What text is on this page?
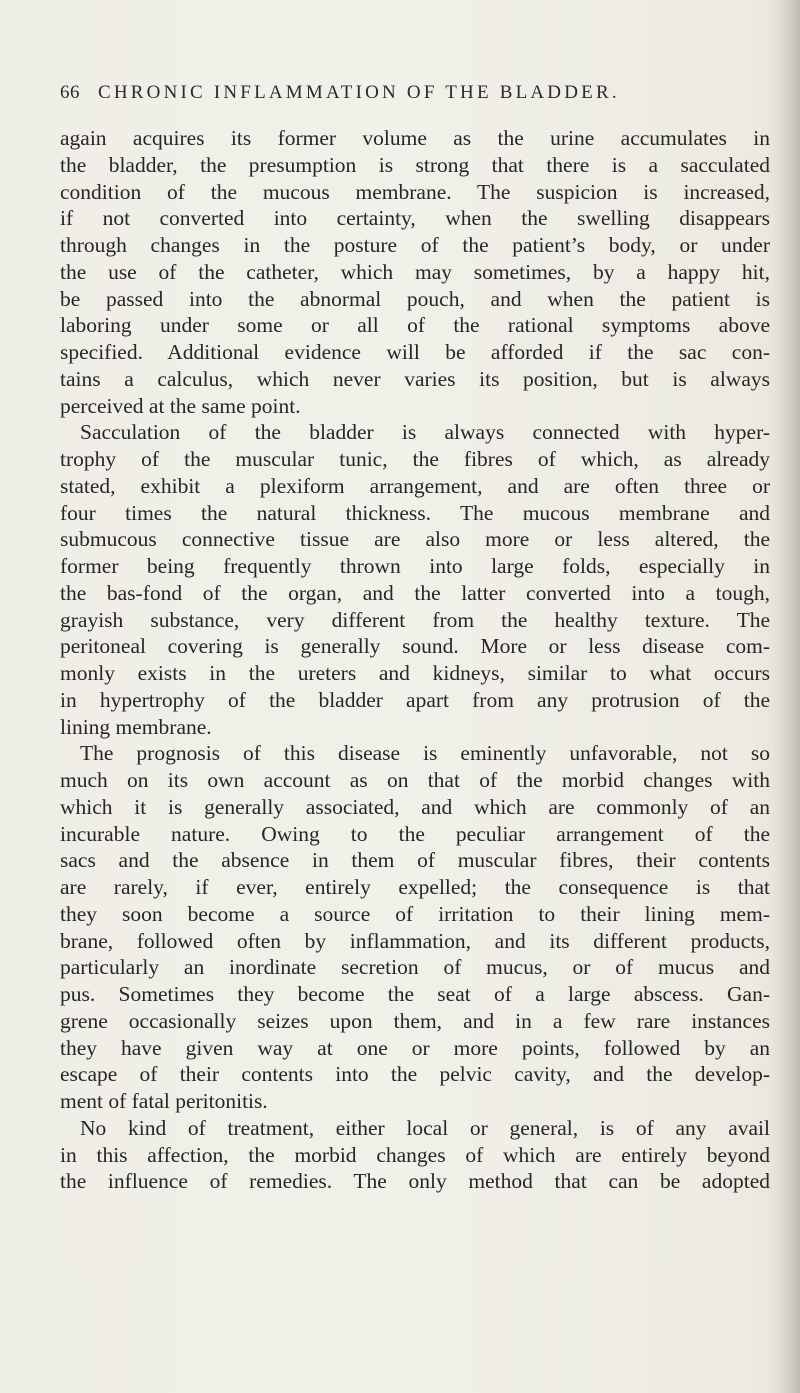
66 CHRONIC INFLAMMATION OF THE BLADDER.
again acquires its former volume as the urine accumulates in
the bladder, the presumption is strong that there is a sacculated
condition of the mucous membrane. The suspicion is increased,
if not converted into certainty, when the swelling disappears
through changes in the posture of the patient’s body, or under
the use of the catheter, which may sometimes, by a happy hit,
be passed into the abnormal pouch, and when the patient is
laboring under some or all of the rational symptoms above
specified. Additional evidence will be afforded if the sac con-
tains a calculus, which never varies its position, but is always
perceived at the same point.
Sacculation of the bladder is always connected with hyper-
trophy of the muscular tunic, the fibres of which, as already
stated, exhibit a plexiform arrangement, and are often three or
four times the natural thickness. The mucous membrane and
submucous connective tissue are also more or less altered, the
former being frequently thrown into large folds, especially in
the bas-fond of the organ, and the latter converted into a tough,
grayish substance, very different from the healthy texture. The
peritoneal covering is generally sound. More or less disease com-
monly exists in the ureters and kidneys, similar to what occurs
in hypertrophy of the bladder apart from any protrusion of the
lining membrane.
The prognosis of this disease is eminently unfavorable, not so
much on its own account as on that of the morbid changes with
which it is generally associated, and which are commonly of an
incurable nature. Owing to the peculiar arrangement of the
sacs and the absence in them of muscular fibres, their contents
are rarely, if ever, entirely expelled; the consequence is that
they soon become a source of irritation to their lining mem-
brane, followed often by inflammation, and its different products,
particularly an inordinate secretion of mucus, or of mucus and
pus. Sometimes they become the seat of a large abscess. Gan-
grene occasionally seizes upon them, and in a few rare instances
they have given way at one or more points, followed by an
escape of their contents into the pelvic cavity, and the develop-
ment of fatal peritonitis.
No kind of treatment, either local or general, is of any avail
in this affection, the morbid changes of which are entirely beyond
the influence of remedies. The only method that can be adopted
